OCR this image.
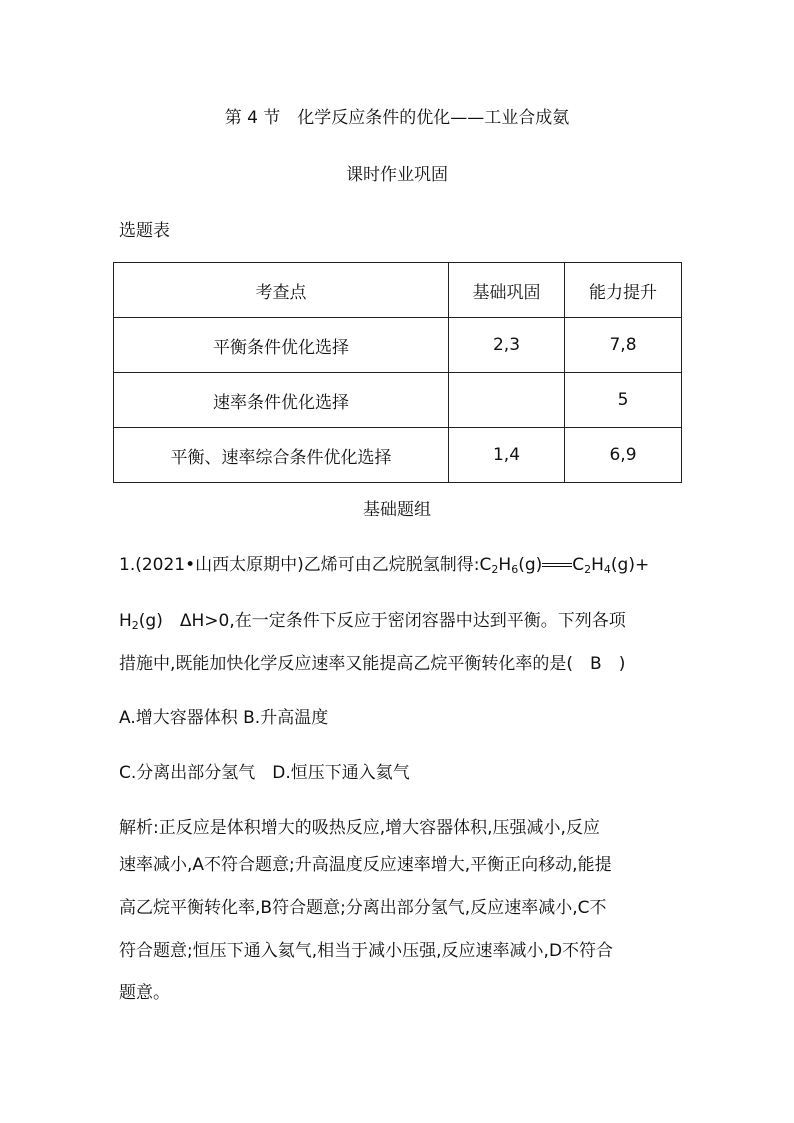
第 4 节　化学反应条件的优化——工业合成氨
课时作业巩固
选题表
考查点	基础巩固	能力提升
平衡条件优化选择	2,3	7,8
速率条件优化选择		5
平衡、速率综合条件优化选择	1,4	6,9
基础题组
1.(2021•山西太原期中)乙烯可由乙烷脱氢制得$:C_2H_6(g)$ $C_2H_4(g)+$
$H_2(g)$　ΔH>0,在一定条件下反应于密闭容器中达到平衡。下列各项
措施中,既能加快化学反应速率又能提高乙烷平衡转化率的是(　B　)
A.增大容器体积 B.升高温度
C.分离出部分氢气　D.恒压下通入氦气
解析:正反应是体积增大的吸热反应,增大容器体积,压强减小,反应
速率减小,A不符合题意;升高温度反应速率增大,平衡正向移动,能提
高乙烷平衡转化率,B符合题意;分离出部分氢气,反应速率减小,C不
符合题意;恒压下通入氦气,相当于减小压强,反应速率减小,D不符合
题意。
